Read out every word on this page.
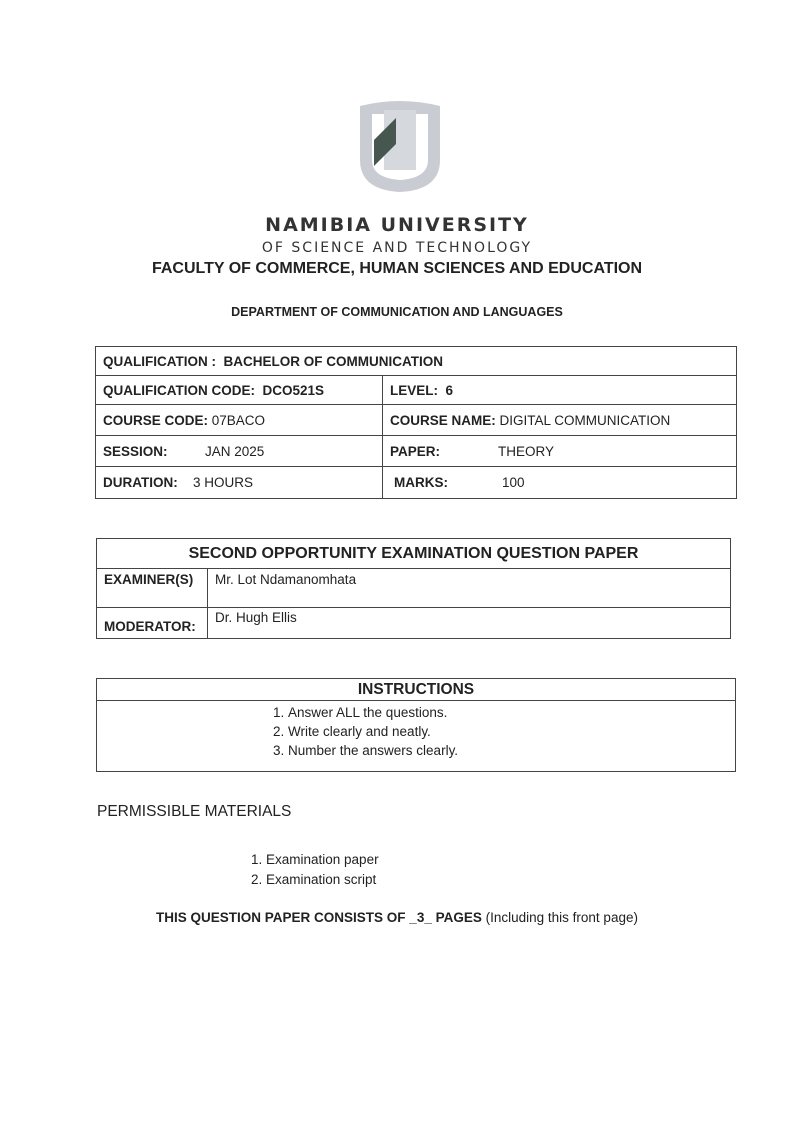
NAMIBIA UNIVERSITY
OF SCIENCE AND TECHNOLOGY
FACULTY OF COMMERCE, HUMAN SCIENCES AND EDUCATION
DEPARTMENT OF COMMUNICATION AND LANGUAGES
QUALIFICATION : BACHELOR OF COMMUNICATION	
QUALIFICATION CODE: DCO521S	LEVEL: 6
COURSE CODE: 07BACO	COURSE NAME: DIGITAL COMMUNICATION
SESSION: JAN 2025	PAPER: THEORY
DURATION: 3 HOURS	MARKS: 100
SECOND OPPORTUNITY EXAMINATION QUESTION PAPER	
EXAMINER(S)	Mr. Lot Ndamanomhata
MODERATOR:	Dr. Hugh Ellis
INSTRUCTIONS
1. Answer ALL the questions.
2. Write clearly and neatly.
3. Number the answers clearly.
PERMISSIBLE MATERIALS
1. Examination paper
2. Examination script
THIS QUESTION PAPER CONSISTS OF _3_ PAGES (Including this front page)
